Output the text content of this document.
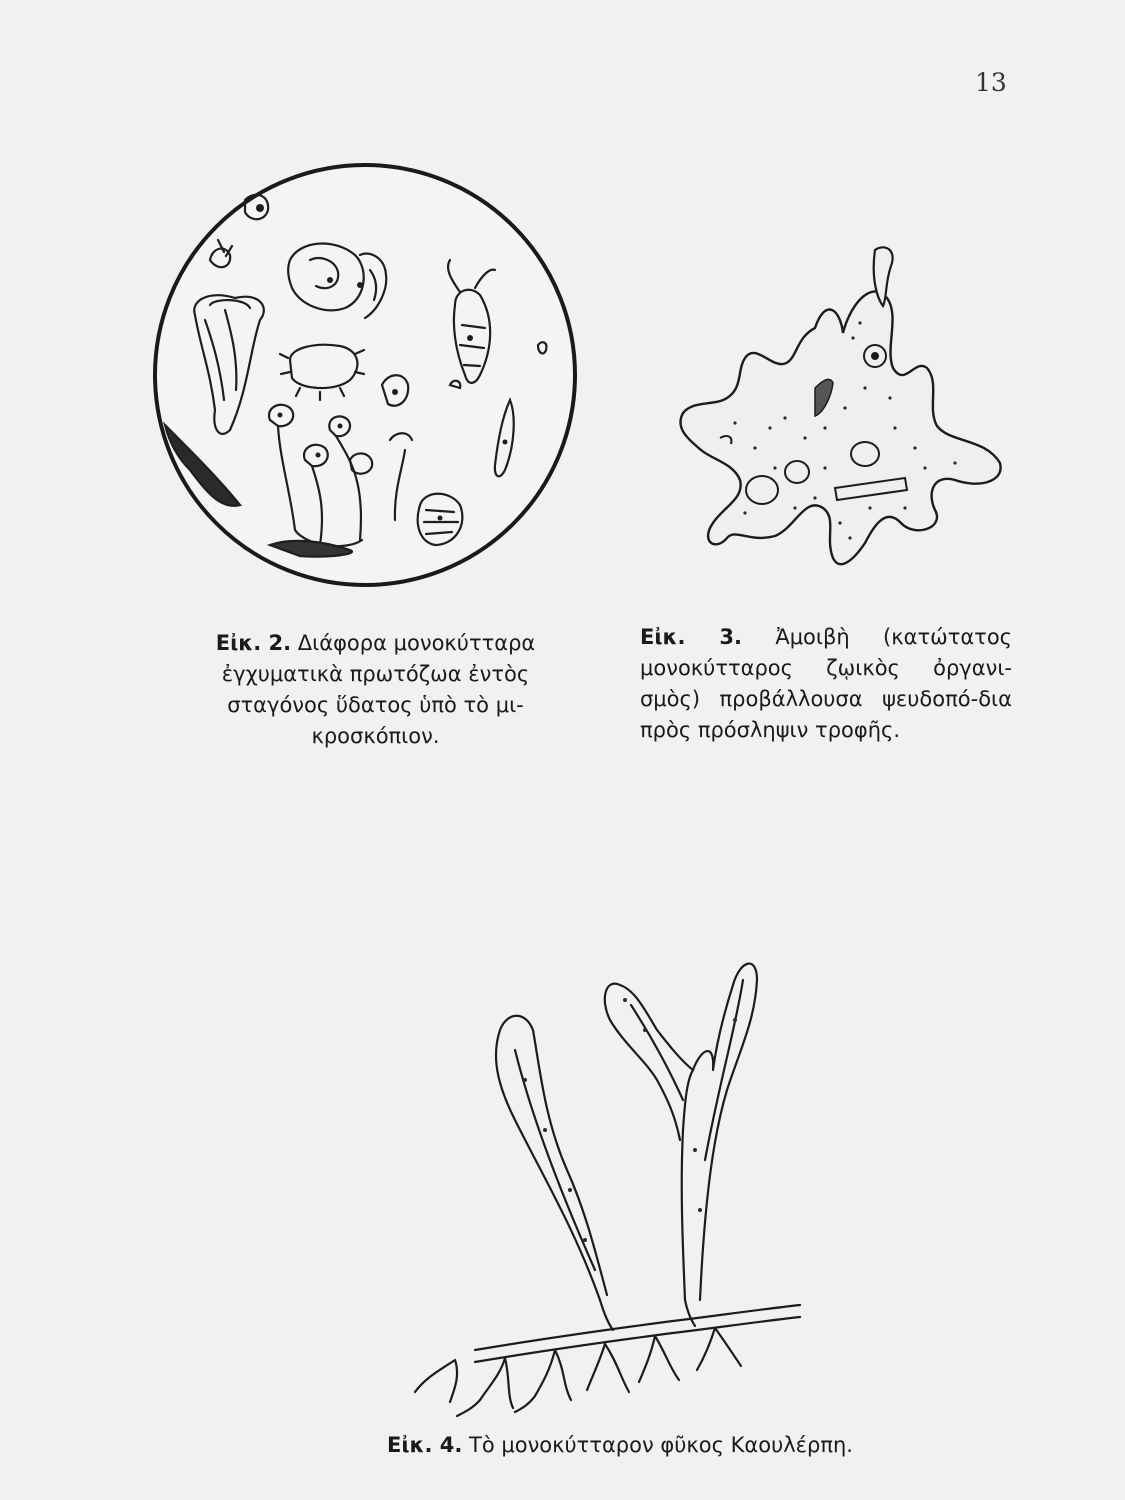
13
Εἰκ. 2. Διάφορα μονοκύτταρα ἐγχυματικὰ πρωτόζωα ἐντὸς σταγόνος ὕδατος ὑπὸ τὸ μι-κροσκόπιον.
Εἰκ. 3. Ἀμοιβὴ (κατώτατος μονοκύτταρος ζῳικὸς ὀργανι-σμὸς) προβάλλουσα ψευδοπό-δια πρὸς πρόσληψιν τροφῆς.
Εἰκ. 4. Τὸ μονοκύτταρον φῦκος Καουλέρπη.
